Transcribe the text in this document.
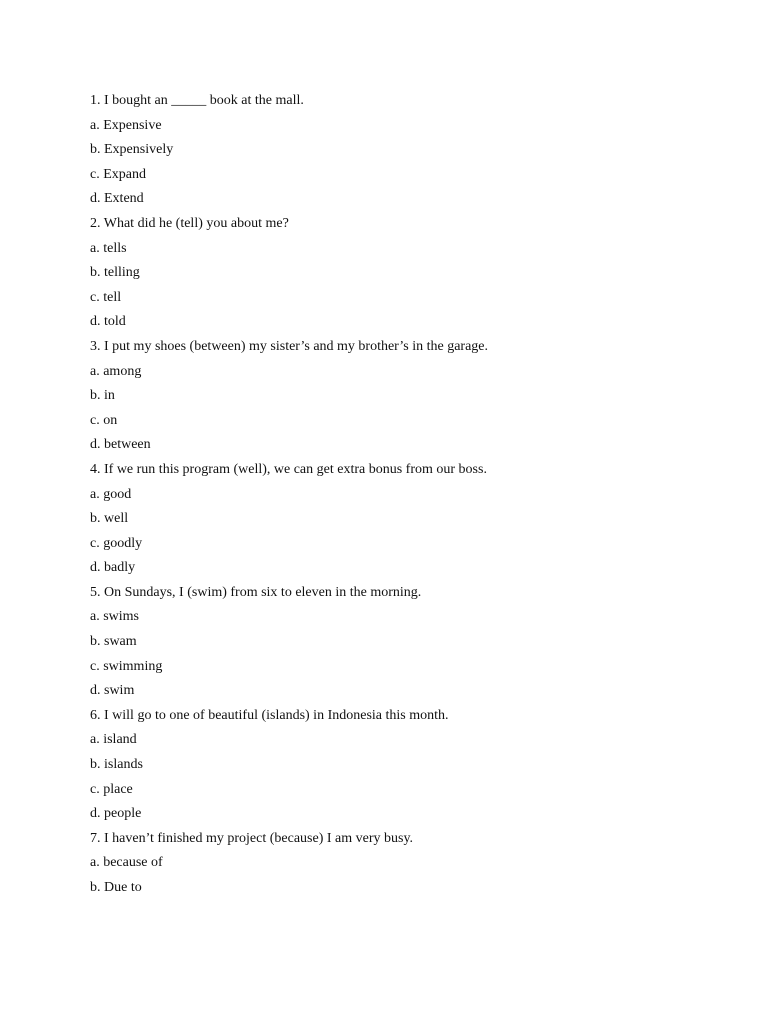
1. I bought an _____ book at the mall.
a. Expensive
b. Expensively
c. Expand
d. Extend
2. What did he (tell) you about me?
a. tells
b. telling
c. tell
d. told
3. I put my shoes (between) my sister’s and my brother’s in the garage.
a. among
b. in
c. on
d. between
4. If we run this program (well), we can get extra bonus from our boss.
a. good
b. well
c. goodly
d. badly
5. On Sundays, I (swim) from six to eleven in the morning.
a. swims
b. swam
c. swimming
d. swim
6. I will go to one of beautiful (islands) in Indonesia this month.
a. island
b. islands
c. place
d. people
7. I haven’t finished my project (because) I am very busy.
a. because of
b. Due to
